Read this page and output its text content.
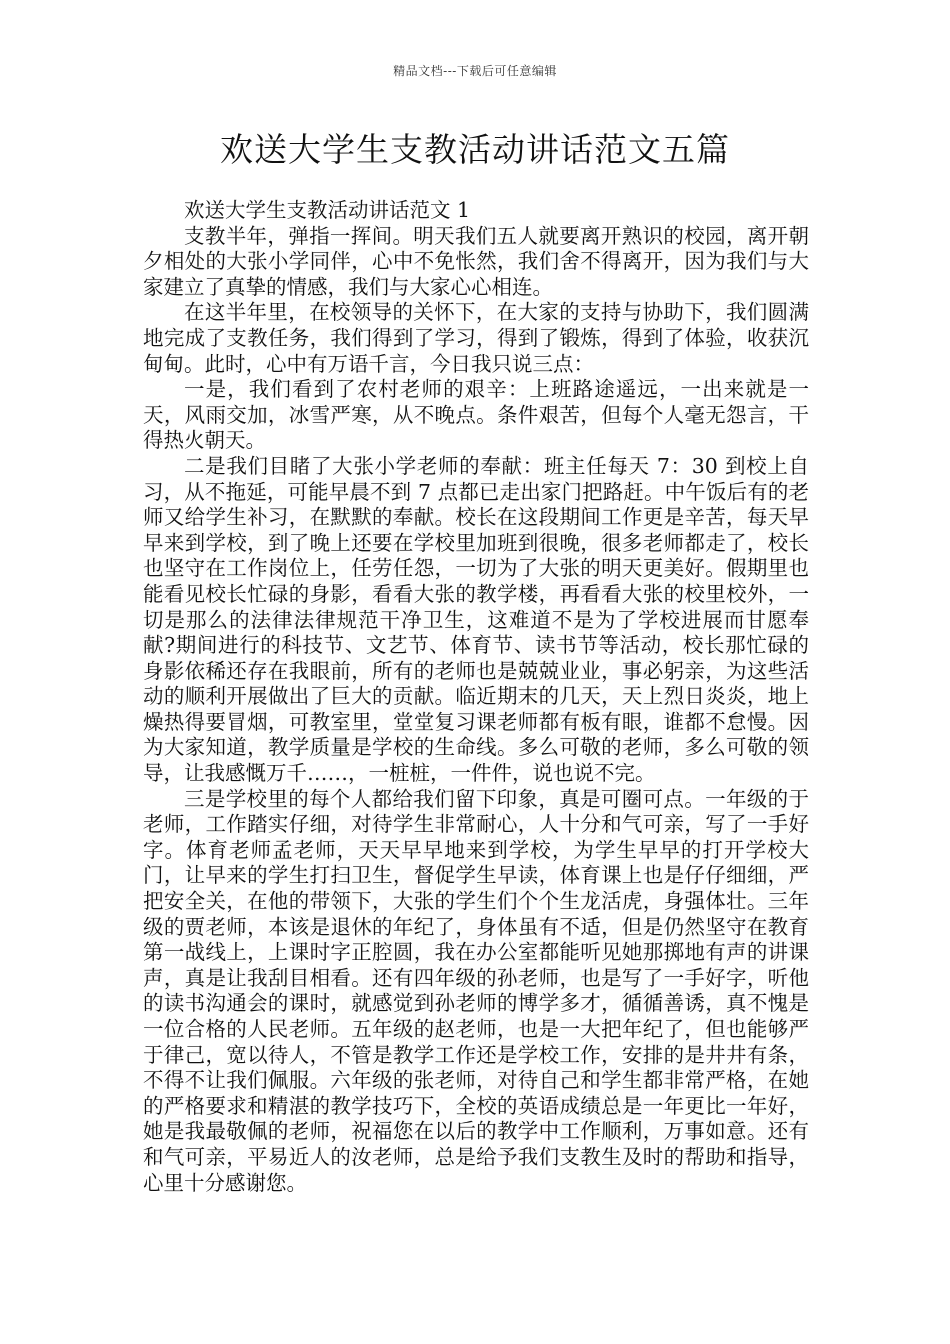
精品文档---下载后可任意编辑
欢送大学生支教活动讲话范文五篇

欢送大学生支教活动讲话范文 1

支教半年，弹指一挥间。明天我们五人就要离开熟识的校园，离开朝夕相处的大张小学同伴，心中不免怅然，我们舍不得离开，因为我们与大家建立了真挚的情感，我们与大家心心相连。

在这半年里，在校领导的关怀下，在大家的支持与协助下，我们圆满地完成了支教任务，我们得到了学习，得到了锻炼，得到了体验，收获沉甸甸。此时，心中有万语千言，今日我只说三点：

一是，我们看到了农村老师的艰辛：上班路途遥远，一出来就是一天，风雨交加，冰雪严寒，从不晚点。条件艰苦，但每个人毫无怨言，干得热火朝天。

二是我们目睹了大张小学老师的奉献：班主任每天 7：30 到校上自习，从不拖延，可能早晨不到 7 点都已走出家门把路赶。中午饭后有的老师又给学生补习，在默默的奉献。校长在这段期间工作更是辛苦，每天早早来到学校，到了晚上还要在学校里加班到很晚，很多老师都走了，校长也坚守在工作岗位上，任劳任怨，一切为了大张的明天更美好。假期里也能看见校长忙碌的身影，看看大张的教学楼，再看看大张的校里校外，一切是那么的法律法律规范干净卫生，这难道不是为了学校进展而甘愿奉献?期间进行的科技节、文艺节、体育节、读书节等活动，校长那忙碌的身影依稀还存在我眼前，所有的老师也是兢兢业业，事必躬亲，为这些活动的顺利开展做出了巨大的贡献。临近期末的几天，天上烈日炎炎，地上燥热得要冒烟，可教室里，堂堂复习课老师都有板有眼，谁都不怠慢。因为大家知道，教学质量是学校的生命线。多么可敬的老师，多么可敬的领导，让我感慨万千……，一桩桩，一件件，说也说不完。

三是学校里的每个人都给我们留下印象，真是可圈可点。一年级的于老师，工作踏实仔细，对待学生非常耐心，人十分和气可亲，写了一手好字。体育老师孟老师，天天早早地来到学校，为学生早早的打开学校大门，让早来的学生打扫卫生，督促学生早读，体育课上也是仔仔细细，严把安全关，在他的带领下，大张的学生们个个生龙活虎，身强体壮。三年级的贾老师，本该是退休的年纪了，身体虽有不适，但是仍然坚守在教育第一战线上，上课时字正腔圆，我在办公室都能听见她那掷地有声的讲课声，真是让我刮目相看。还有四年级的孙老师，也是写了一手好字，听他的读书沟通会的课时，就感觉到孙老师的博学多才，循循善诱，真不愧是一位合格的人民老师。五年级的赵老师，也是一大把年纪了，但也能够严于律己，宽以待人，不管是教学工作还是学校工作，安排的是井井有条，不得不让我们佩服。六年级的张老师，对待自己和学生都非常严格，在她的严格要求和精湛的教学技巧下，全校的英语成绩总是一年更比一年好，她是我最敬佩的老师，祝福您在以后的教学中工作顺利，万事如意。还有和气可亲，平易近人的汝老师，总是给予我们支教生及时的帮助和指导，心里十分感谢您。
